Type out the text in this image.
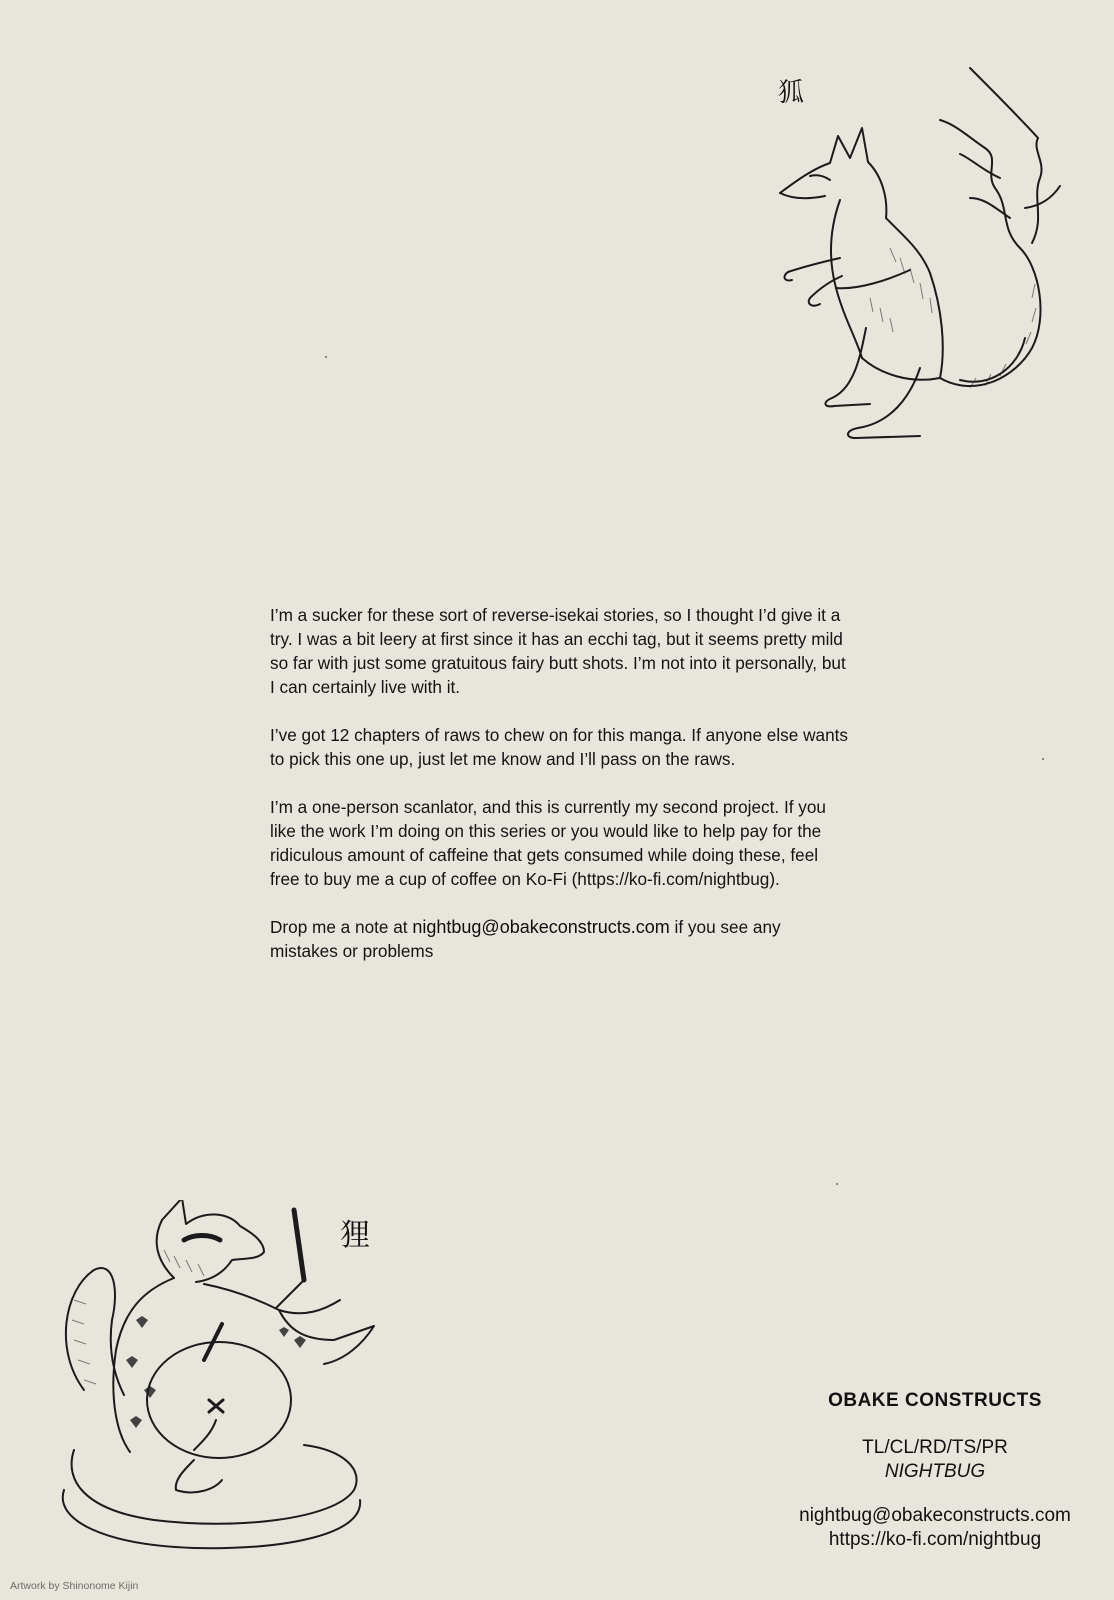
狐

I’m a sucker for these sort of reverse-isekai stories, so I thought I’d give it a try. I was a bit leery at first since it has an ecchi tag, but it seems pretty mild so far with just some gratuitous fairy butt shots. I’m not into it personally, but I can certainly live with it.

I’ve got 12 chapters of raws to chew on for this manga. If anyone else wants to pick this one up, just let me know and I’ll pass on the raws.

I’m a one-person scanlator, and this is currently my second project. If you like the work I’m doing on this series or you would like to help pay for the ridiculous amount of caffeine that gets consumed while doing these, feel free to buy me a cup of coffee on Ko-Fi (https://ko-fi.com/nightbug).

Drop me a note at nightbug@obakeconstructs.com if you see any mistakes or problems

狸
OBAKE CONSTRUCTS
TL/CL/RD/TS/PR
NIGHTBUG
nightbug@obakeconstructs.com
https://ko-fi.com/nightbug
Artwork by Shinonome Kijin
